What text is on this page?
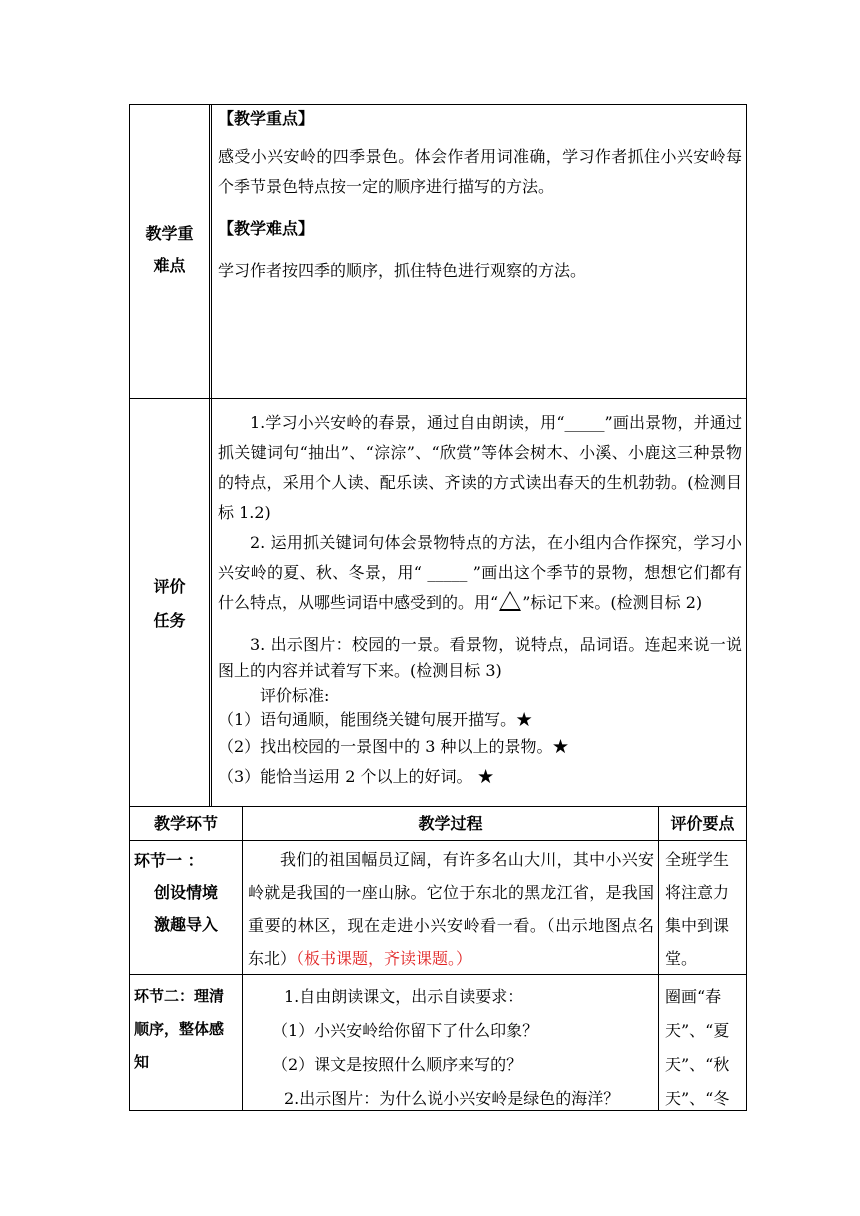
教学重
难点

【教学重点】

感受小兴安岭的四季景色。体会作者用词准确，学习作者抓住小兴安岭每个季节景色特点按一定的顺序进行描写的方法。

【教学难点】

学习作者按四季的顺序，抓住特色进行观察的方法。

评价
任务

1.学习小兴安岭的春景，通过自由朗读，用“_____”画出景物，并通过抓关键词句“抽出”、“淙淙”、“欣赏”等体会树木、小溪、小鹿这三种景物的特点，采用个人读、配乐读、齐读的方式读出春天的生机勃勃。(检测目标 1.2)

2. 运用抓关键词句体会景物特点的方法，在小组内合作探究，学习小兴安岭的夏、秋、冬景，用“ _____ ”画出这个季节的景物，想想它们都有什么特点，从哪些词语中感受到的。用“ ”标记下来。(检测目标 2)

3. 出示图片：校园的一景。看景物，说特点，品词语。连起来说一说图上的内容并试着写下来。(检测目标 3)

评价标准:

（1）语句通顺，能围绕关键句展开描写。★

（2）找出校园的一景图中的 3 种以上的景物。★

（3）能恰当运用 2 个以上的好词。 ★

教学环节	教学过程	评价要点
环节一 ：
创设情境
激趣导入

我们的祖国幅员辽阔，有许多名山大川，其中小兴安岭就是我国的一座山脉。它位于东北的黑龙江省，是我国重要的林区，现在走进小兴安岭看一看。（出示地图点名东北）（板书课题，齐读课题。）

全班学生将注意力集中到课堂。
环节二：理清
顺序，整体感
知

1.自由朗读课文，出示自读要求：

（1）小兴安岭给你留下了什么印象？

（2）课文是按照什么顺序来写的？

2.出示图片：为什么说小兴安岭是绿色的海洋？

圈画“春天”、“夏天”、“秋天”、“冬
